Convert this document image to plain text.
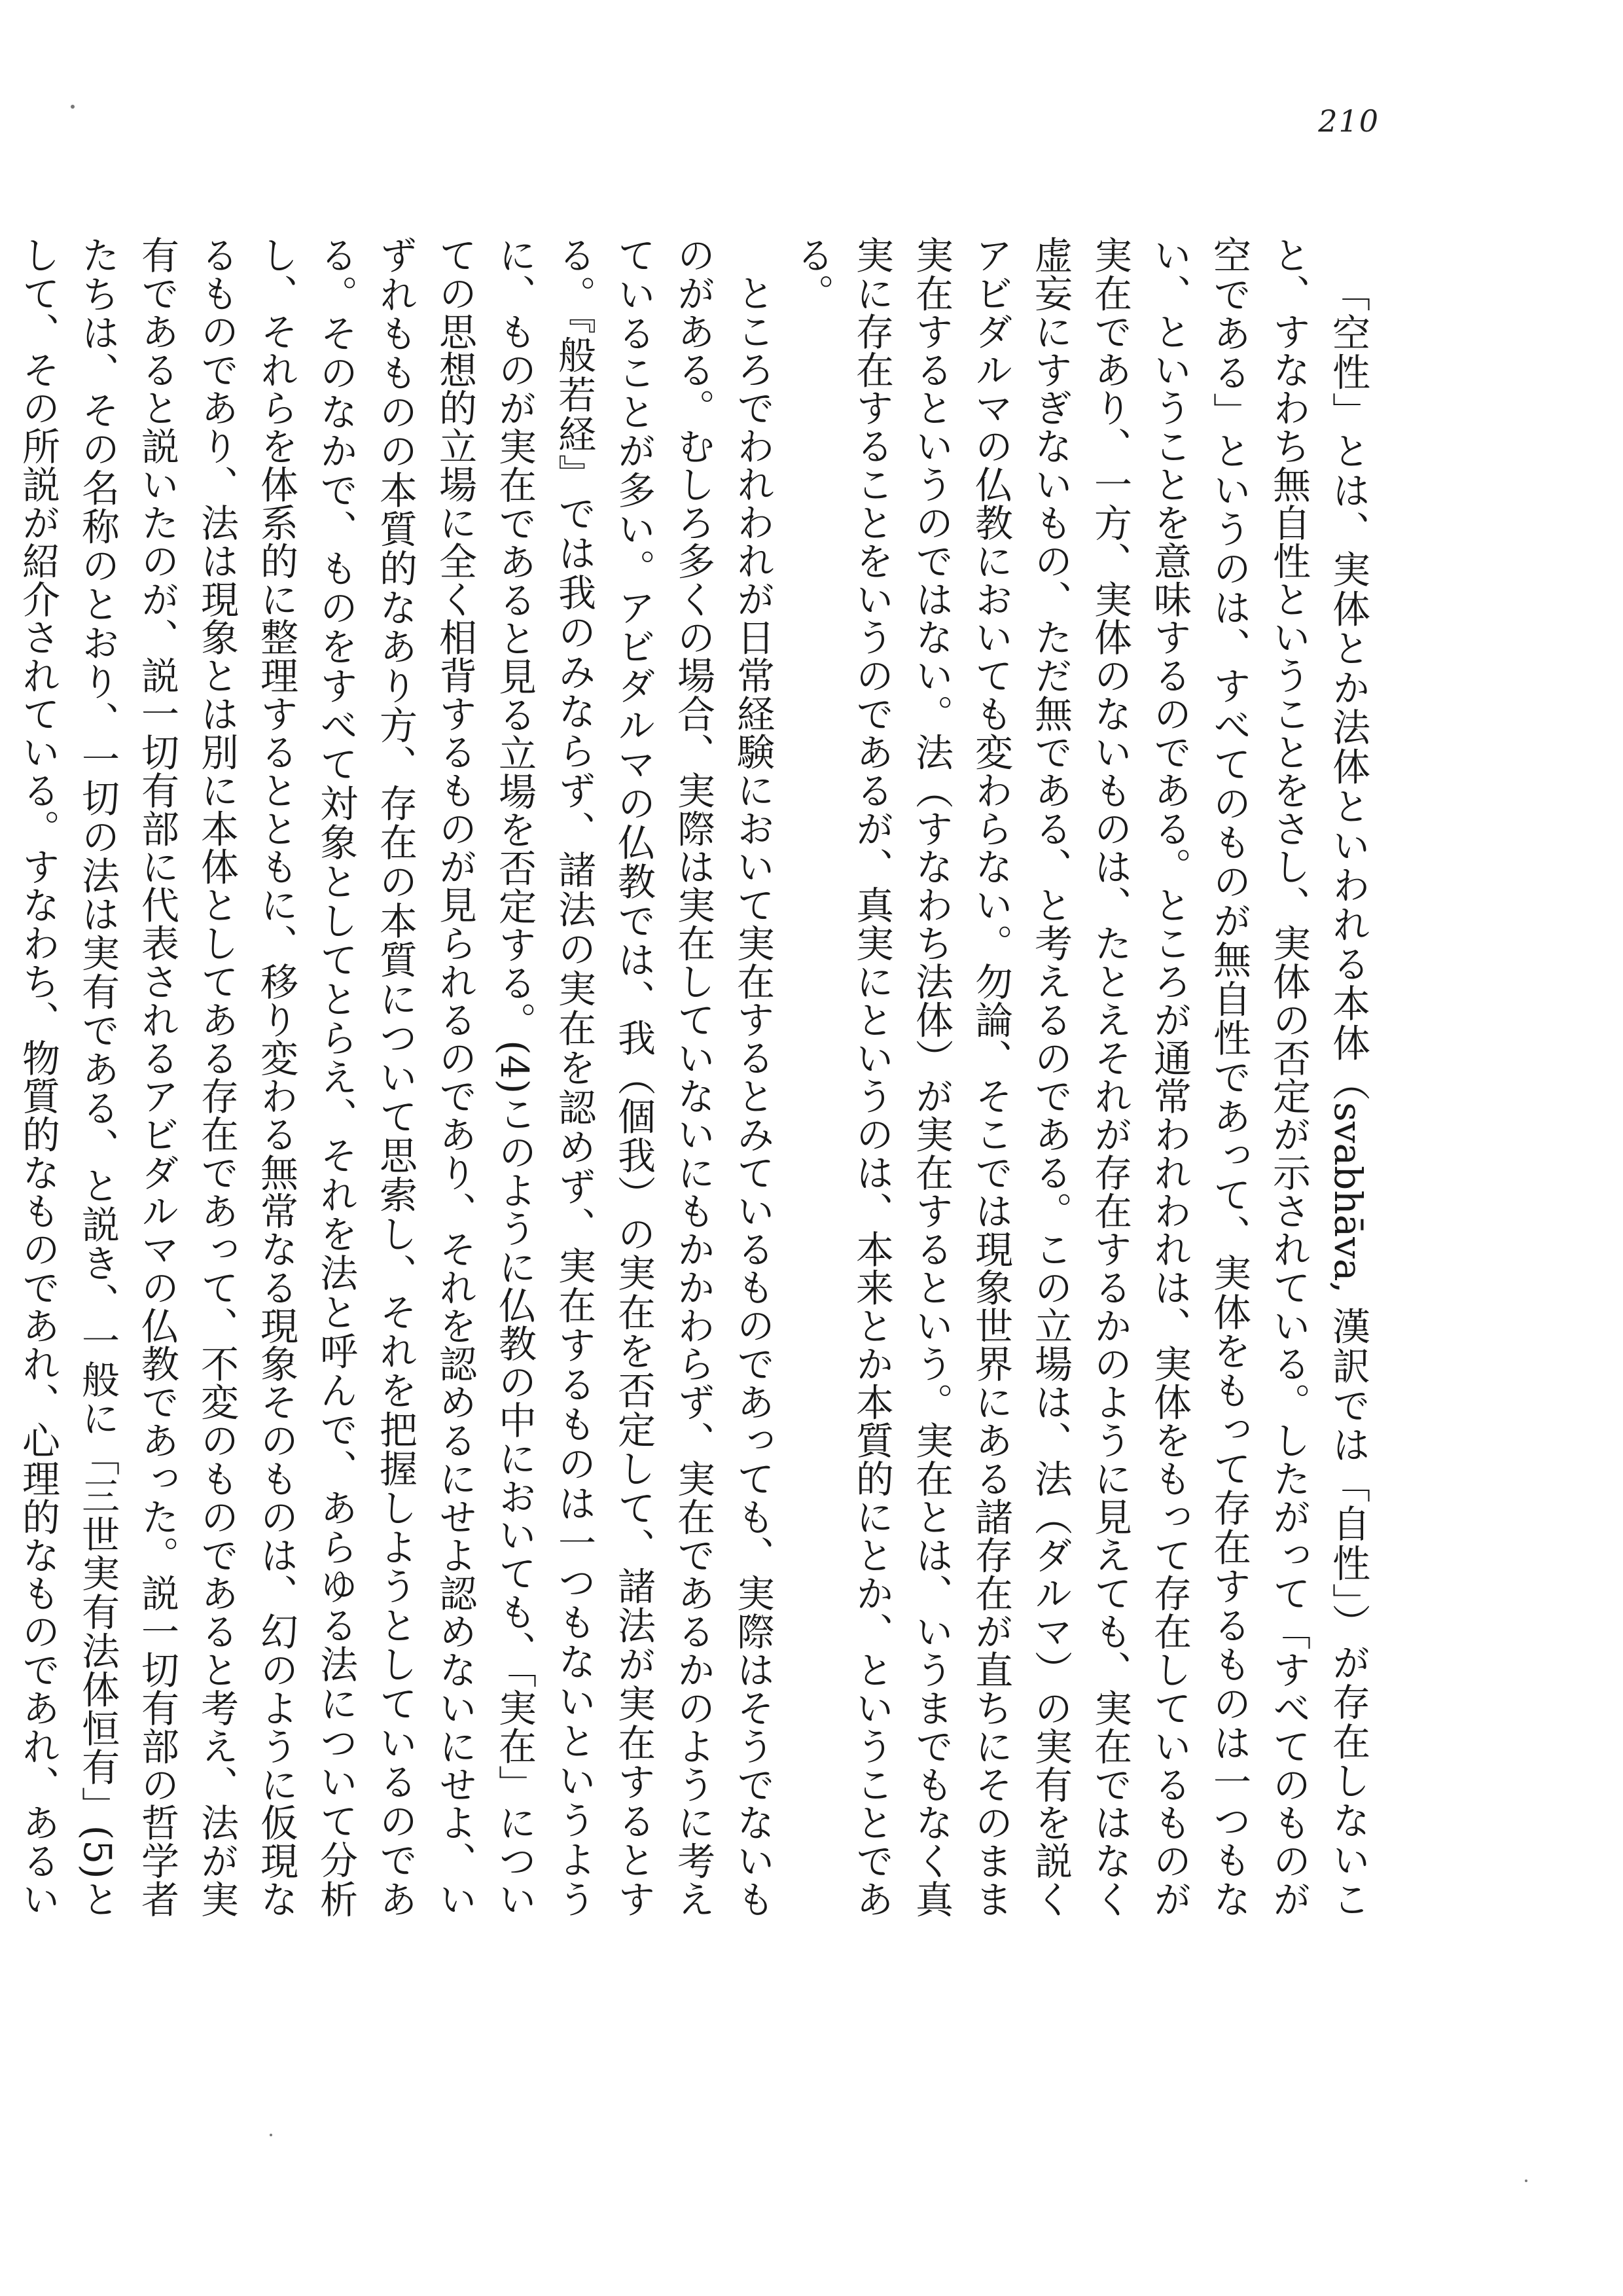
210

「空性」とは、実体とか法体といわれる本体（svabhāva, 漢訳では「自性」）が存在しないこと、すなわち無自性ということをさし、実体の否定が示されている。したがって「すべてのものが空である」というのは、すべてのものが無自性であって、実体をもって存在するものは一つもない、ということを意味するのである。ところが通常われわれは、実体をもって存在しているものが実在であり、一方、実体のないものは、たとえそれが存在するかのように見えても、実在ではなく虚妄にすぎないもの、ただ無である、と考えるのである。この立場は、法（ダルマ）の実有を説くアビダルマの仏教においても変わらない。勿論、そこでは現象世界にある諸存在が直ちにそのまま実在するというのではない。法（すなわち法体）が実在するという。実在とは、いうまでもなく真実に存在することをいうのであるが、真実にというのは、本来とか本質的にとか、ということである。

ところでわれわれが日常経験において実在するとみているものであっても、実際はそうでないものがある。むしろ多くの場合、実際は実在していないにもかかわらず、実在であるかのように考えていることが多い。アビダルマの仏教では、我（個我）の実在を否定して、諸法が実在するとする。『般若経』では我のみならず、諸法の実在を認めず、実在するものは一つもないというように、ものが実在であると見る立場を否定する。(4)このように仏教の中においても、「実在」についての思想的立場に全く相背するものが見られるのであり、それを認めるにせよ認めないにせよ、いずれもものの本質的なあり方、存在の本質について思索し、それを把握しようとしているのである。そのなかで、ものをすべて対象としてとらえ、それを法と呼んで、あらゆる法について分析し、それらを体系的に整理するとともに、移り変わる無常なる現象そのものは、幻のように仮現なるものであり、法は現象とは別に本体としてある存在であって、不変のものであると考え、法が実有であると説いたのが、説一切有部に代表されるアビダルマの仏教であった。説一切有部の哲学者たちは、その名称のとおり、一切の法は実有である、と説き、一般に「三世実有法体恒有」(5)として、その所説が紹介されている。すなわち、物質的なものであれ、心理的なものであれ、あるい
